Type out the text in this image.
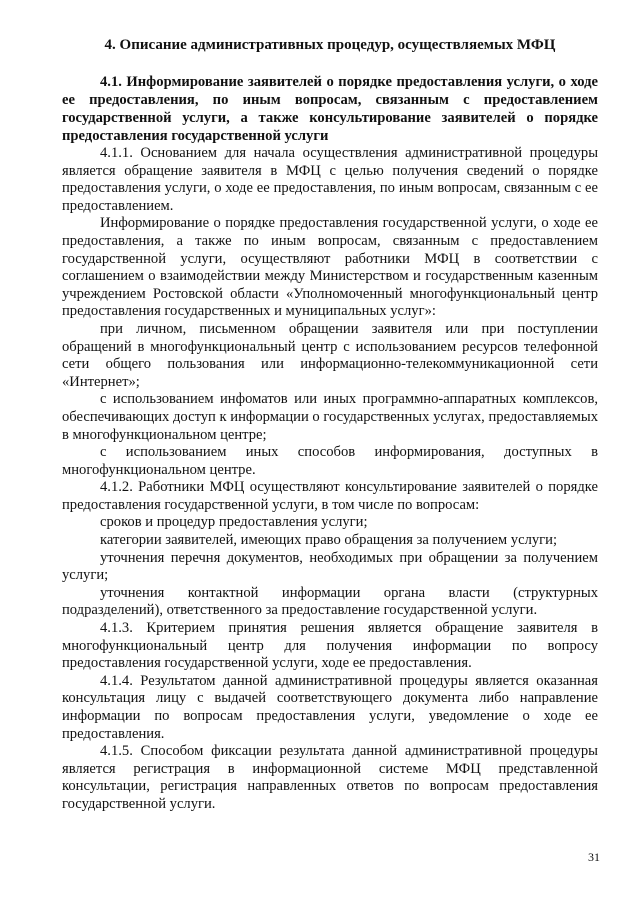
4. Описание административных процедур, осуществляемых МФЦ

4.1. Информирование заявителей о порядке предоставления услуги, о ходе ее предоставления, по иным вопросам, связанным с предоставлением государственной услуги, а также консультирование заявителей о порядке предоставления государственной услуги

4.1.1. Основанием для начала осуществления административной процедуры является обращение заявителя в МФЦ с целью получения сведений о порядке предоставления услуги, о ходе ее предоставления, по иным вопросам, связанным с ее предоставлением.

Информирование о порядке предоставления государственной услуги, о ходе ее предоставления, а также по иным вопросам, связанным с предоставлением государственной услуги, осуществляют работники МФЦ в соответствии с соглашением о взаимодействии между Министерством и государственным казенным учреждением Ростовской области «Уполномоченный многофункциональный центр предоставления государственных и муниципальных услуг»:

при личном, письменном обращении заявителя или при поступлении обращений в многофункциональный центр с использованием ресурсов телефонной сети общего пользования или информационно-телекоммуникационной сети «Интернет»;

с использованием инфоматов или иных программно-аппаратных комплексов, обеспечивающих доступ к информации о государственных услугах, предоставляемых в многофункциональном центре;

с использованием иных способов информирования, доступных в многофункциональном центре.

4.1.2. Работники МФЦ осуществляют консультирование заявителей о порядке предоставления государственной услуги, в том числе по вопросам:

сроков и процедур предоставления услуги;

категории заявителей, имеющих право обращения за получением услуги;

уточнения перечня документов, необходимых при обращении за получением услуги;

уточнения контактной информации органа власти (структурных подразделений), ответственного за предоставление государственной услуги.

4.1.3. Критерием принятия решения является обращение заявителя в многофункциональный центр для получения информации по вопросу предоставления государственной услуги, ходе ее предоставления.

4.1.4. Результатом данной административной процедуры является оказанная консультация лицу с выдачей соответствующего документа либо направление информации по вопросам предоставления услуги, уведомление о ходе ее предоставления.

4.1.5. Способом фиксации результата данной административной процедуры является регистрация в информационной системе МФЦ представленной консультации, регистрация направленных ответов по вопросам предоставления государственной услуги.

31
